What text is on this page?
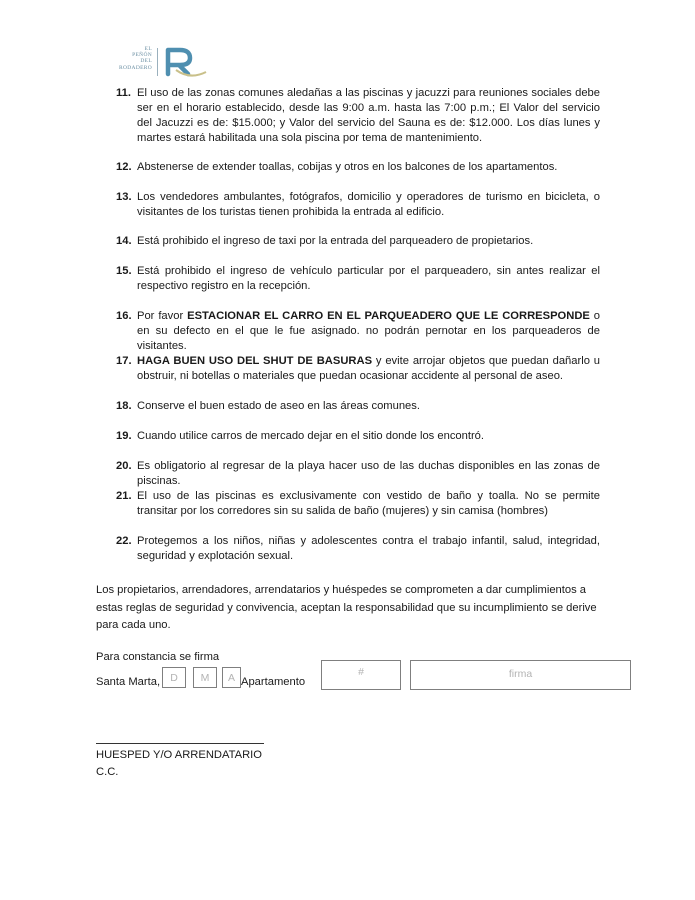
EL
PEÑÓN
DEL
RODADERO
11. El uso de las zonas comunes aledañas a las piscinas y jacuzzi para reuniones sociales debe ser en el horario establecido, desde las 9:00 a.m. hasta las 7:00 p.m.; El Valor del servicio del Jacuzzi es de: $15.000; y Valor del servicio del Sauna es de: $12.000. Los días lunes y martes estará habilitada una sola piscina por tema de mantenimiento.
12. Abstenerse de extender toallas, cobijas y otros en los balcones de los apartamentos.
13. Los vendedores ambulantes, fotógrafos, domicilio y operadores de turismo en bicicleta, o visitantes de los turistas tienen prohibida la entrada al edificio.
14. Está prohibido el ingreso de taxi por la entrada del parqueadero de propietarios.
15. Está prohibido el ingreso de vehículo particular por el parqueadero, sin antes realizar el respectivo registro en la recepción.
16. Por favor ESTACIONAR EL CARRO EN EL PARQUEADERO QUE LE CORRESPONDE o en su defecto en el que le fue asignado. no podrán pernotar en los parqueaderos de visitantes.
17. HAGA BUEN USO DEL SHUT DE BASURAS y evite arrojar objetos que puedan dañarlo u obstruir, ni botellas o materiales que puedan ocasionar accidente al personal de aseo.
18. Conserve el buen estado de aseo en las áreas comunes.
19. Cuando utilice carros de mercado dejar en el sitio donde los encontró.
20. Es obligatorio al regresar de la playa hacer uso de las duchas disponibles en las zonas de piscinas.
21. El uso de las piscinas es exclusivamente con vestido de baño y toalla. No se permite transitar por los corredores sin su salida de baño (mujeres) y sin camisa (hombres)
22. Protegemos a los niños, niñas y adolescentes contra el trabajo infantil, salud, integridad, seguridad y explotación sexual.
Los propietarios, arrendadores, arrendatarios y huéspedes se comprometen a dar cumplimientos a estas reglas de seguridad y convivencia, aceptan la responsabilidad que su incumplimiento se derive para cada uno.
Para constancia se firma
Santa Marta, D	M	A Apartamento
#	firma
HUESPED Y/O ARRENDATARIO
C.C.
